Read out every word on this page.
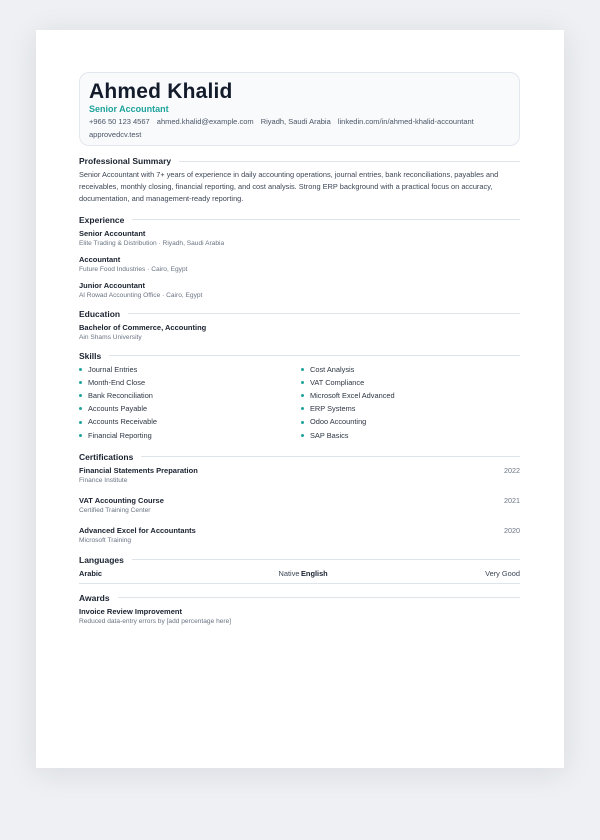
Ahmed Khalid
Senior Accountant
+966 50 123 4567 ahmed.khalid@example.com Riyadh, Saudi Arabia linkedin.com/in/ahmed-khalid-accountant approvedcv.test
Professional Summary
Senior Accountant with 7+ years of experience in daily accounting operations, journal entries, bank reconciliations, payables and receivables, monthly closing, financial reporting, and cost analysis. Strong ERP background with a practical focus on accuracy, documentation, and management-ready reporting.
Experience
Senior Accountant
Elite Trading & Distribution · Riyadh, Saudi Arabia
Accountant
Future Food Industries · Cairo, Egypt
Junior Accountant
Al Rowad Accounting Office · Cairo, Egypt
Education
Bachelor of Commerce, Accounting
Ain Shams University
Skills
Journal Entries	Cost Analysis
Month-End Close	VAT Compliance
Bank Reconciliation	Microsoft Excel Advanced
Accounts Payable	ERP Systems
Accounts Receivable	Odoo Accounting
Financial Reporting	SAP Basics
Certifications
Financial Statements Preparation
Finance Institute
2022
VAT Accounting Course
Certified Training Center
2021
Advanced Excel for Accountants
Microsoft Training
2020
Languages
Arabic	Native English	Very Good
Awards
Invoice Review Improvement
Reduced data-entry errors by [add percentage here]
